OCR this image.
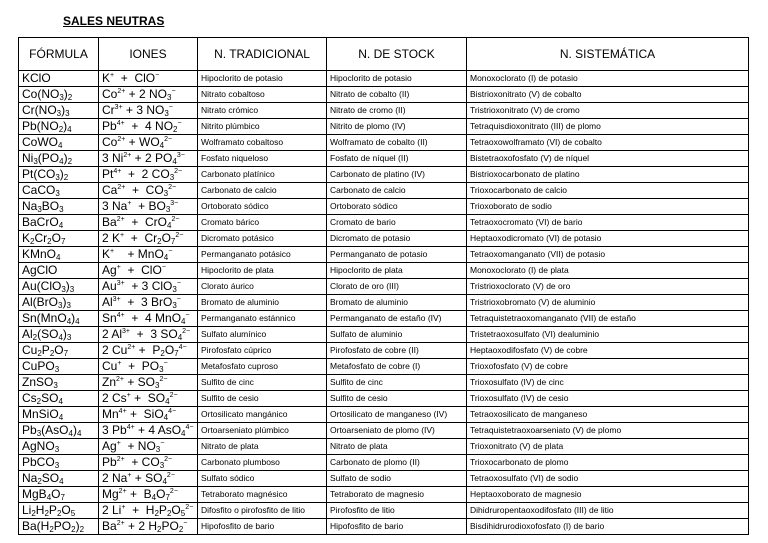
SALES NEUTRAS
FÓRMULA	IONES	N. TRADICIONAL	N. DE STOCK	N. SISTEMÁTICA
KClO	K+  +  ClO−	Hipoclorito de potasio	Hipoclorito de potasio	Monoxoclorato (I) de potasio
$Co(NO_3)_2$	$Co^{2+} + 2$ $NO_3^-$	Nitrato cobaltoso	Nitrato de cobalto (II)	Bistrioxonitrato (V) de cobalto
$Cr(NO_3)_3$	$Cr^{3+} + 3$ $NO_3^-$	Nitrato crómico	Nitrato de cromo (II)	Tristrioxonitrato (V) de cromo
$Pb(NO_2)_4$	$Pb^{4+} + 4$ $NO_2^-$	Nitrito plúmbico	Nitrito de plomo (IV)	Tetraquisdioxonitrato (III) de plomo
CoWO$_4$	$Co^{2+} + WO_4^{2-}$	Wolframato cobaltoso	Wolframato de cobalto (II)	Tetraoxowolframato (VI) de cobalto
$Ni_3(PO_4)_2$	3 $Ni^{2+} + 2$ $PO_4^{3-}$	Fosfato niqueloso	Fosfato de níquel (II)	Bistetraoxofosfato (V) de níquel
$Pt(CO_3)_2$	$Pt^{4+} + 2$ $CO_3^{2-}$	Carbonato platínico	Carbonato de platino (IV)	Bistrioxocarbonato de platino
CaCO$_3$	$Ca^{2+} + CO_3^{2-}$	Carbonato de calcio	Carbonato de calcio	Trioxocarbonato de calcio
$Na_3BO_3$	3 $Na^+ + BO_3^{3-}$	Ortoborato sódico	Ortoborato sódico	Trioxoborato de sodio
BaCrO$_4$	$Ba^{2+} + CrO_4^{2-}$	Cromato bárico	Cromato de bario	Tetraoxocromato (VI) de bario
$K_2Cr_2O_7$	2 $K^+ + Cr_2O_7^{2-}$	Dicromato potásico	Dicromato de potasio	Heptaoxodicromato (VI) de potasio
KMnO$_4$	K+    + MnO$_4$−	Permanganato potásico	Permanganato de potasio	Tetraoxomanganato (VII) de potasio
AgClO	Ag+  +  ClO−	Hipoclorito de plata	Hipoclorito de plata	Monoxoclorato (I) de plata
$Au(ClO_3)_3$	$Au^{3+} + 3$ ClO$_3$−	Clorato áurico	Clorato de oro (III)	Tristrioxoclorato (V) de oro
$Al(BrO_3)_3$	$Al^{3+} + 3$ BrO$_3$−	Bromato de aluminio	Bromato de aluminio	Tristrioxobromato (V) de aluminio
$Sn(MnO_4)_4$	$Sn^{4+} + 4$ MnO$_4$−	Permanganato estánnico	Permanganato de estaño (IV)	Tetraquistetraoxomanganato (VII) de estaño
$Al_2(SO_4)_3$	2 $Al^{3+} + 3$ $SO_4^{2-}$	Sulfato alumínico	Sulfato de aluminio	Tristetraoxosulfato (VI) dealuminio
$Cu_2P_2O_7$	2 $Cu^{2+} + P_2O_7^{4-}$	Pirofosfato cúprico	Pirofosfato de cobre (II)	Heptaoxodifosfato (V) de cobre
CuPO$_3$	$Cu^+ + PO_3^-$	Metafosfato cuproso	Metafosfato de cobre (I)	Trioxofosfato (V) de cobre
ZnSO$_3$	$Zn^{2+} + SO_3^{2-}$	Sulfito de cinc	Sulfito de cinc	Trioxosulfato (IV) de cinc
$Cs_2SO_4$	2 $Cs^+ + SO_4^{2-}$	Sulfito de cesio	Sulfito de cesio	Trioxosulfato (IV) de cesio
MnSiO$_4$	$Mn^{4+} + SiO_4^{4-}$	Ortosilicato mangánico	Ortosilicato de manganeso (IV)	Tetraoxosilicato de manganeso
$Pb_3(AsO_4)_4$	3 $Pb^{4+} + 4$ AsO$_4^{4-}$	Ortoarseniato plúmbico	Ortoarseniato de plomo (IV)	Tetraquistetraoxoarseniato (V) de plomo
AgNO$_3$	$Ag^+ + NO_3^-$	Nitrato de plata	Nitrato de plata	Trioxonitrato (V) de plata
PbCO$_3$	$Pb^{2+} + CO_3^{2-}$	Carbonato plumboso	Carbonato de plomo (II)	Trioxocarbonato de plomo
$Na_2SO_4$	2 $Na^+ + SO_4^{2-}$	Sulfato sódico	Sulfato de sodio	Tetraoxosulfato (VI) de sodio
$MgB_4O_7$	$Mg^{2+} + B_4O_7^{2-}$	Tetraborato magnésico	Tetraborato de magnesio	Heptaoxoborato de magnesio
$Li_2H_2P_2O_5$	2 $Li^+ + H_2P_2O_5^{2-}$	Difosfito o pirofosfito de litio	Pirofosfito de litio	Dihidruropentaoxodifosfato (III) de litio
$Ba(H_2PO_2)_2$	$Ba^{2+} + 2$ $H_2PO_2^-$	Hipofosfito de bario	Hipofosfito de bario	Bisdihidrurodioxofosfato (I) de bario
